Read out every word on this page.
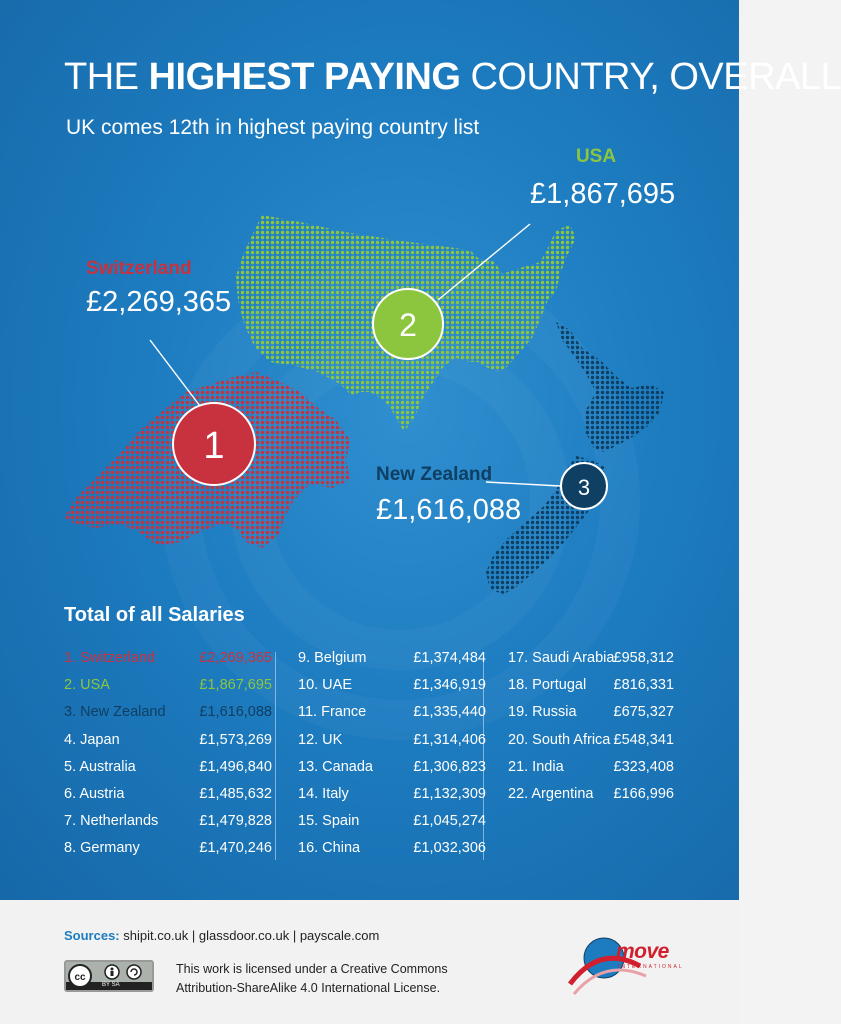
THE HIGHEST PAYING COUNTRY, OVERALL
UK comes 12th in highest paying country list
1
2
3
Switzerland
£2,269,365
USA
£1,867,695
New Zealand
£1,616,088
Total of all Salaries
1. Switzerland	£2,269,365
2. USA	£1,867,695
3. New Zealand £1,616,088
4. Japan	£1,573,269
5. Australia	£1,496,840
6. Austria	£1,485,632
7. Netherlands	£1,479,828
8. Germany	£1,470,246
9. Belgium	£1,374,484
10. UAE	£1,346,919
11. France	£1,335,440
12. UK	£1,314,406
13. Canada	£1,306,823
14. Italy	£1,132,309
15. Spain	£1,045,274
16. China	£1,032,306
17. Saudi Arabia £958,312
18. Portugal £816,331
19. Russia	£675,327
20. South Africa £548,341
21. India	£323,408
22. Argentina £166,996
Sources: shipit.co.uk | glassdoor.co.uk | payscale.com
cc
BY SA
This work is licensed under a Creative Commons
Attribution-ShareAlike 4.0 International License.
move
INTERNATIONAL
